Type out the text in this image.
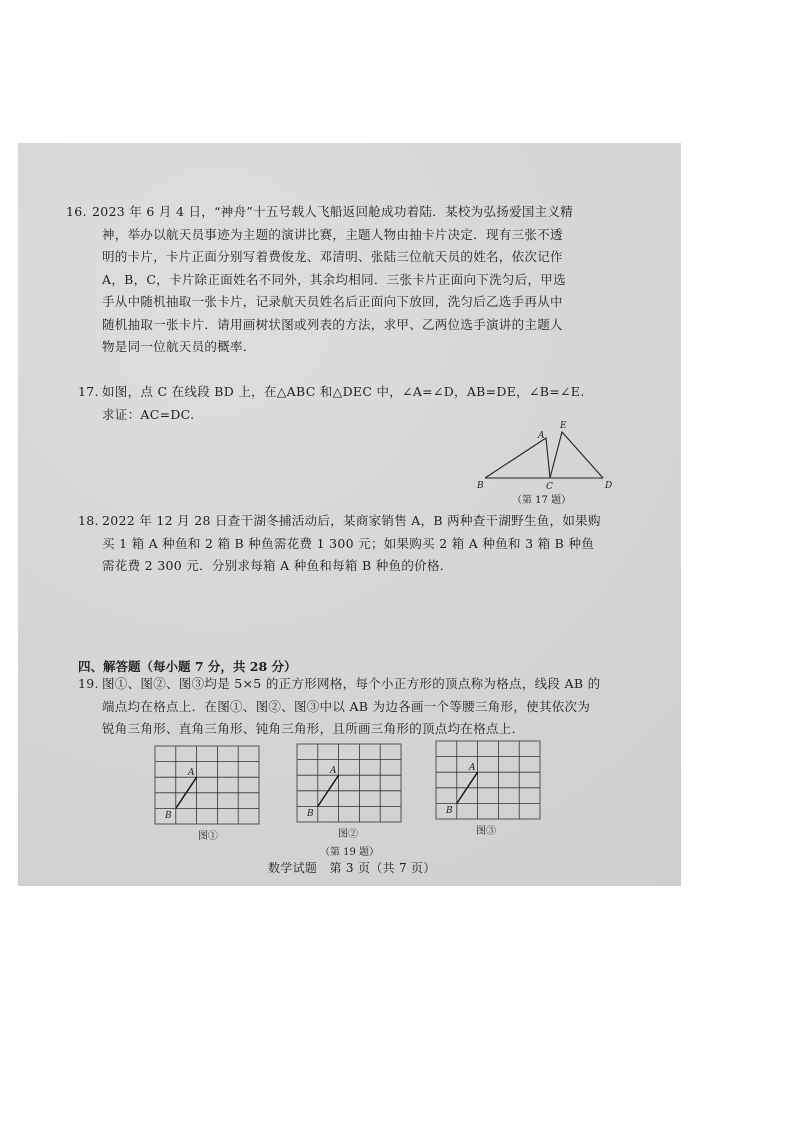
16. 2023 年 6 月 4 日，“神舟”十五号载人飞船返回舱成功着陆．某校为弘扬爱国主义精
神，举办以航天员事迹为主题的演讲比赛，主题人物由抽卡片决定．现有三张不透
明的卡片，卡片正面分别写着费俊龙、邓清明、张陆三位航天员的姓名，依次记作
A，B，C，卡片除正面姓名不同外，其余均相同．三张卡片正面向下洗匀后，甲选
手从中随机抽取一张卡片，记录航天员姓名后正面向下放回，洗匀后乙选手再从中
随机抽取一张卡片．请用画树状图或列表的方法，求甲、乙两位选手演讲的主题人
物是同一位航天员的概率．
17. 如图，点 C 在线段 BD 上，在△ABC 和△DEC 中，∠A=∠D，AB=DE，∠B=∠E.
求证：AC=DC.
A
E
B	C	D
（第 17 题）
18. 2022 年 12 月 28 日查干湖冬捕活动后，某商家销售 A，B 两种查干湖野生鱼，如果购
买 1 箱 A 种鱼和 2 箱 B 种鱼需花费 1 300 元；如果购买 2 箱 A 种鱼和 3 箱 B 种鱼
需花费 2 300 元．分别求每箱 A 种鱼和每箱 B 种鱼的价格．
四、解答题（每小题 7 分，共 28 分）
19. 图①、图②、图③均是 5×5 的正方形网格，每个小正方形的顶点称为格点，线段 AB 的
端点均在格点上．在图①、图②、图③中以 AB 为边各画一个等腰三角形，使其依次为
锐角三角形、直角三角形、钝角三角形，且所画三角形的顶点均在格点上．
A
B
图①
A
B
图②
A
B
图③
（第 19 题）
数学试题　第 3 页（共 7 页）
